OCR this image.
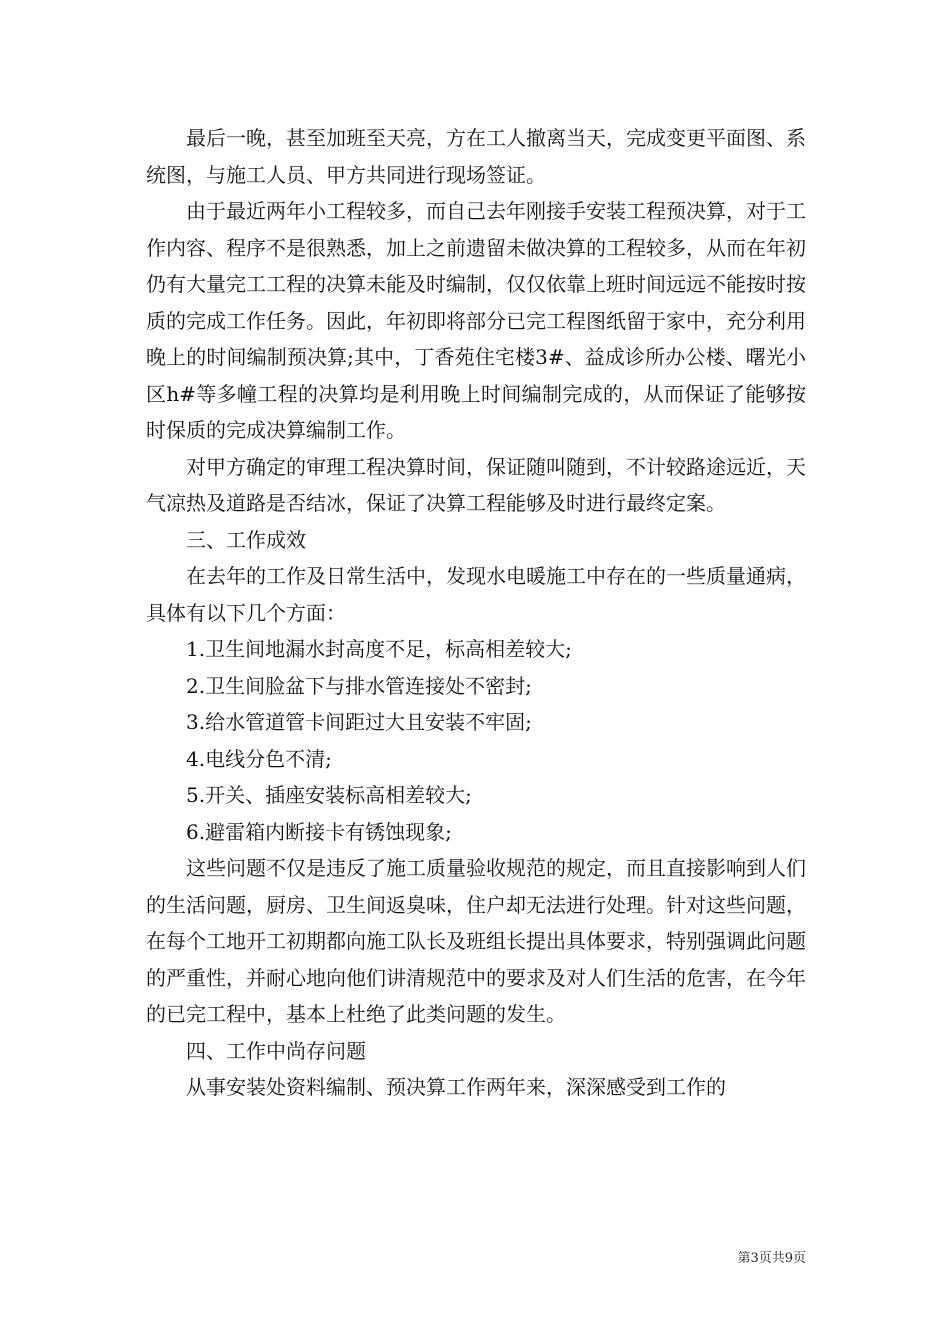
最后一晚，甚至加班至天亮，方在工人撤离当天，完成变更平面图、系统图，与施工人员、甲方共同进行现场签证。

由于最近两年小工程较多，而自己去年刚接手安装工程预决算，对于工作内容、程序不是很熟悉，加上之前遗留未做决算的工程较多，从而在年初仍有大量完工工程的决算未能及时编制，仅仅依靠上班时间远远不能按时按质的完成工作任务。因此，年初即将部分已完工程图纸留于家中，充分利用晚上的时间编制预决算;其中，丁香苑住宅楼3#、益成诊所办公楼、曙光小区h#等多幢工程的决算均是利用晚上时间编制完成的，从而保证了能够按时保质的完成决算编制工作。

对甲方确定的审理工程决算时间，保证随叫随到，不计较路途远近，天气凉热及道路是否结冰，保证了决算工程能够及时进行最终定案。

三、工作成效

在去年的工作及日常生活中，发现水电暖施工中存在的一些质量通病，具体有以下几个方面：

1.卫生间地漏水封高度不足，标高相差较大;

2.卫生间脸盆下与排水管连接处不密封;

3.给水管道管卡间距过大且安装不牢固;

4.电线分色不清;

5.开关、插座安装标高相差较大;

6.避雷箱内断接卡有锈蚀现象;

这些问题不仅是违反了施工质量验收规范的规定，而且直接影响到人们的生活问题，厨房、卫生间返臭味，住户却无法进行处理。针对这些问题，在每个工地开工初期都向施工队长及班组长提出具体要求，特别强调此问题的严重性，并耐心地向他们讲清规范中的要求及对人们生活的危害，在今年的已完工程中，基本上杜绝了此类问题的发生。

四、工作中尚存问题

从事安装处资料编制、预决算工作两年来，深深感受到工作的

第3页共9页
